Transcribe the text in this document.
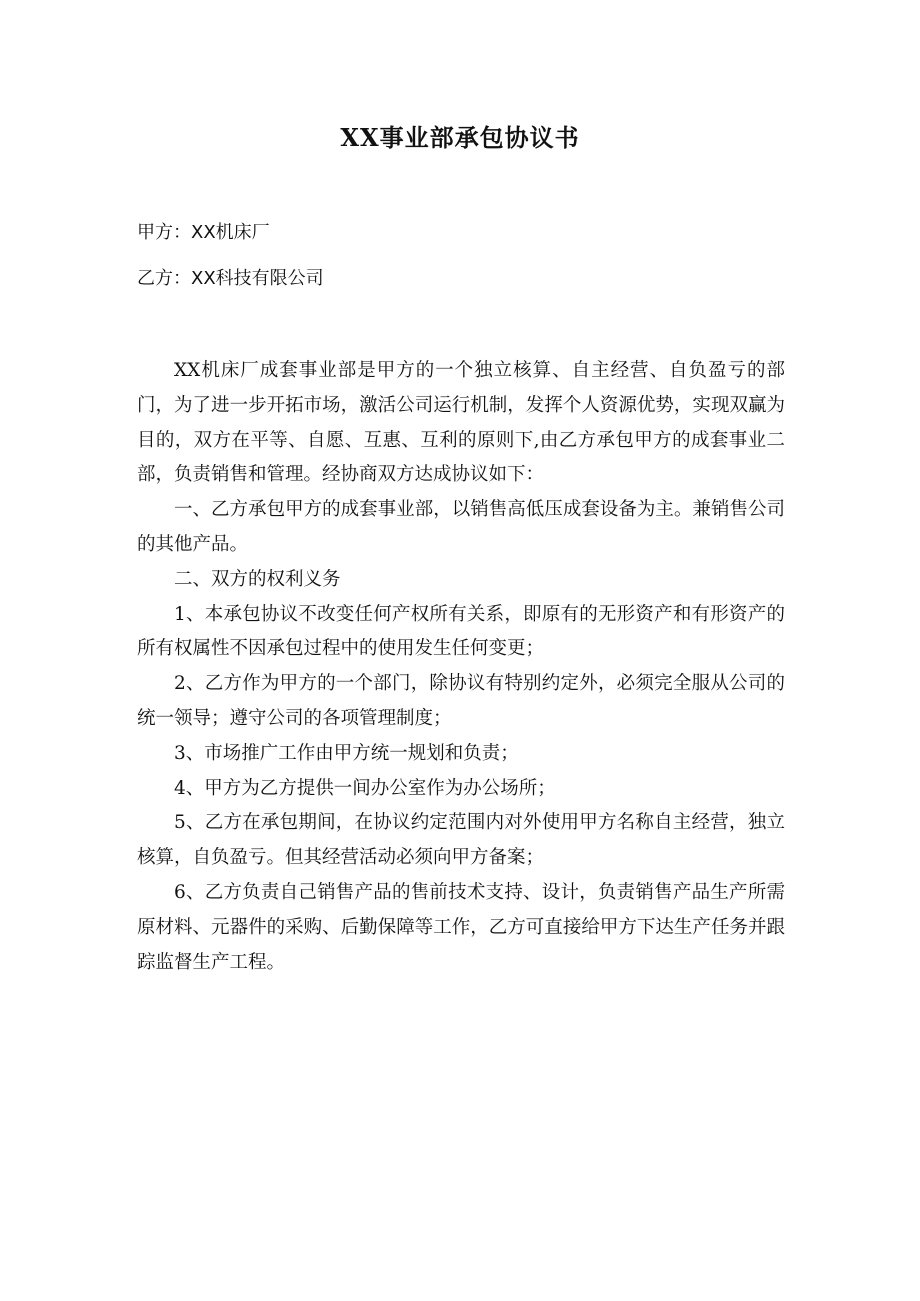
XX事业部承包协议书
甲方：XX机床厂
乙方：XX科技有限公司

XX机床厂成套事业部是甲方的一个独立核算、自主经营、自负盈亏的部门，为了进一步开拓市场，激活公司运行机制，发挥个人资源优势，实现双赢为目的，双方在平等、自愿、互惠、互利的原则下,由乙方承包甲方的成套事业二部，负责销售和管理。经协商双方达成协议如下：

一、乙方承包甲方的成套事业部，以销售高低压成套设备为主。兼销售公司的其他产品。

二、双方的权利义务

1、本承包协议不改变任何产权所有关系，即原有的无形资产和有形资产的所有权属性不因承包过程中的使用发生任何变更；

2、乙方作为甲方的一个部门，除协议有特别约定外，必须完全服从公司的统一领导；遵守公司的各项管理制度；

3、市场推广工作由甲方统一规划和负责；

4、甲方为乙方提供一间办公室作为办公场所；

5、乙方在承包期间，在协议约定范围内对外使用甲方名称自主经营，独立核算，自负盈亏。但其经营活动必须向甲方备案；

6、乙方负责自己销售产品的售前技术支持、设计，负责销售产品生产所需原材料、元器件的采购、后勤保障等工作，乙方可直接给甲方下达生产任务并跟踪监督生产工程。
